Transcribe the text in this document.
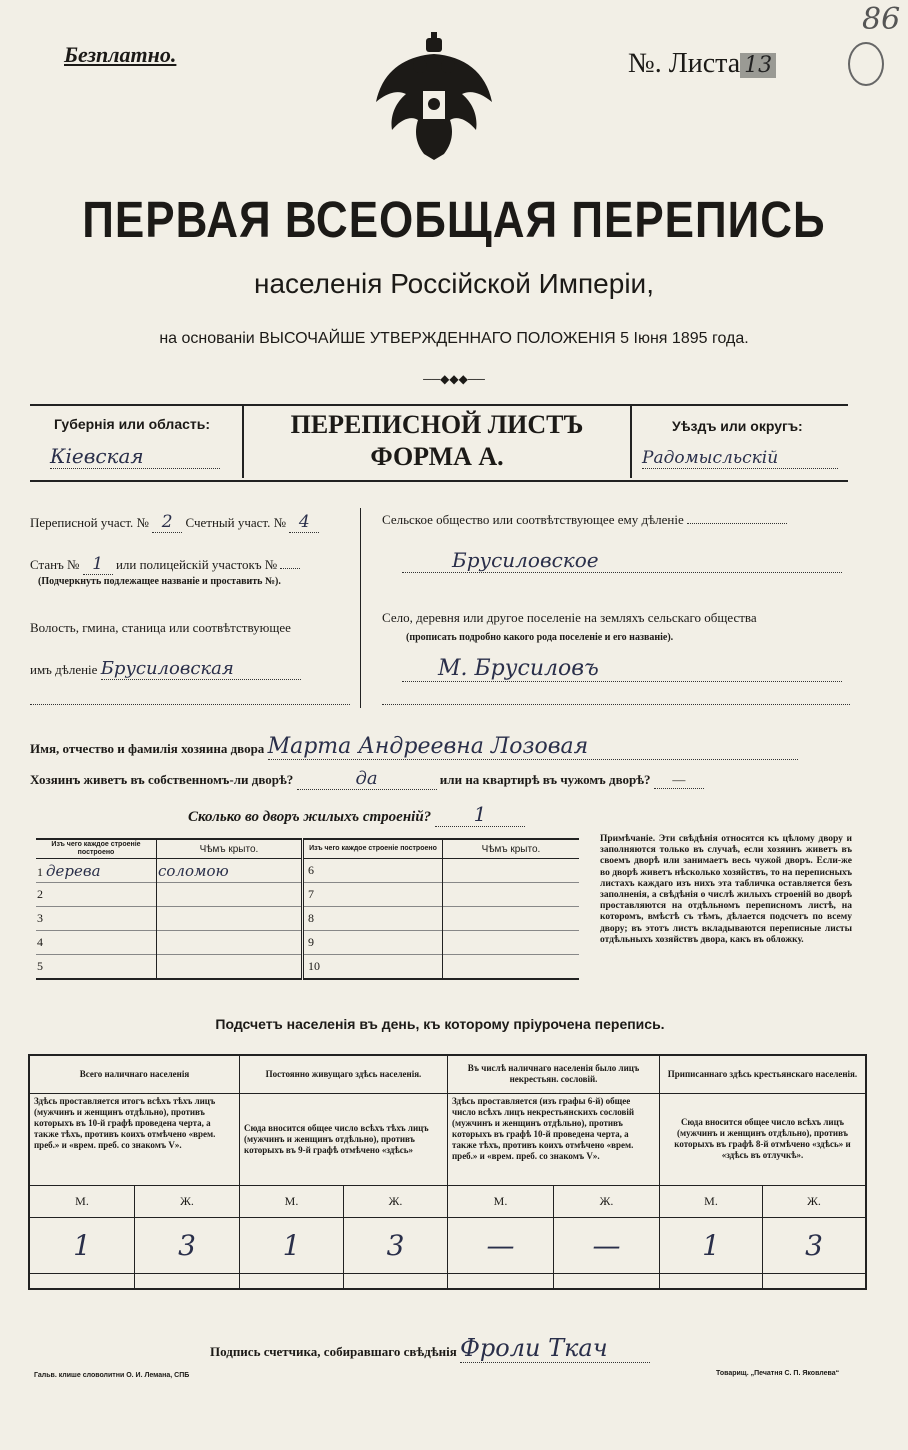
Безплатно.	№. Листа 13
86
ПЕРВАЯ ВСЕОБЩАЯ ПЕРЕПИСЬ
населенія Россійской Имперіи,
на основаніи ВЫСОЧАЙШЕ УТВЕРЖДЕННАГО ПОЛОЖЕНІЯ 5 Іюня 1895 года.
──◆◆◆──
Губернія или область:
Кіевская
ПЕРЕПИСНОЙ ЛИСТЪ
ФОРМА А.
Уѣздъ или округъ:
Радомысльскій
Переписной участ. № 2 Счетный участ. № 4
Станъ № 1 или полицейскій участокъ №
(Подчеркнуть подлежащее названіе и проставить №).
Волость, гмина, станица или соотвѣтствующее
имъ дѣленіе Брусиловская
Сельское общество или соотвѣтствующее ему дѣленіе
Брусиловское
Село, деревня или другое поселеніе на земляхъ сельскаго общества
(прописать подробно какого рода поселеніе и его названіе).
М. Брусиловъ
Имя, отчество и фамилія хозяина двора Марта Андреевна Лозовая
Хозяинъ живетъ въ собственномъ-ли дворѣ?	да	или на квартирѣ въ чужомъ дворѣ? —
Сколько во дворъ жилыхъ строеній? 1
Изъ чего каждое строеніе построено	Чѣмъ крыто.	Изъ чего каждое строеніе построено	Чѣмъ крыто.
1 дерева	соломою	6	
2		7	
3		8	
4		9	
5		10	
Примѣчаніе. Эти свѣдѣнія относятся къ цѣлому двору и заполняются только въ случаѣ, если хозяинъ живетъ въ своемъ дворѣ или занимаетъ весь чужой дворъ. Если-же во дворѣ живетъ нѣсколько хозяйствъ, то на переписныхъ листахъ каждаго изъ нихъ эта табличка оставляется безъ заполненія, а свѣдѣнія о числѣ жилыхъ строеній во дворѣ проставляются на отдѣльномъ переписномъ листѣ, на которомъ, вмѣстѣ съ тѣмъ, дѣлается подсчетъ по всему двору; въ этотъ листъ вкладываются переписные листы отдѣльныхъ хозяйствъ двора, какъ въ обложку.
Подсчетъ населенія въ день, къ которому пріурочена перепись.
Всего наличнаго населенія		Постоянно живущаго здѣсь населенія.		Въ числѣ наличнаго населенія было лицъ некрестьян. сословій.		Приписаннаго здѣсь крестьянскаго населенія.	
Здѣсь проставляется итогъ всѣхъ тѣхъ лицъ (мужчинъ и женщинъ отдѣльно), противъ которыхъ въ 10-й графѣ проведена черта, а также тѣхъ, противъ коихъ отмѣчено «врем. преб.» и «врем. преб. со знакомъ V».		Сюда вносится общее число всѣхъ тѣхъ лицъ (мужчинъ и женщинъ отдѣльно), противъ которыхъ въ 9-й графѣ отмѣчено «здѣсь»		Здѣсь проставляется (изъ графы 6-й) общее число всѣхъ лицъ некрестьянскихъ сословій (мужчинъ и женщинъ отдѣльно), противъ которыхъ въ графѣ 10-й проведена черта, а также тѣхъ, противъ коихъ отмѣчено «врем. преб.» и «врем. преб. со знакомъ V».		Сюда вносится общее число всѣхъ лицъ (мужчинъ и женщинъ отдѣльно), противъ которыхъ въ графѣ 8-й отмѣчено «здѣсь» и «здѣсь въ отлучкѣ».	
М.	Ж.	М.	Ж.	М.	Ж.	М.	Ж.
1	3	1	3	—	—	1	3

Подпись счетчика, собиравшаго свѣдѣнія Фроли Ткач
Гальв. клише словолитни О. И. Лемана, СПБ	Товарищ. „Печатня С. П. Яковлева“
